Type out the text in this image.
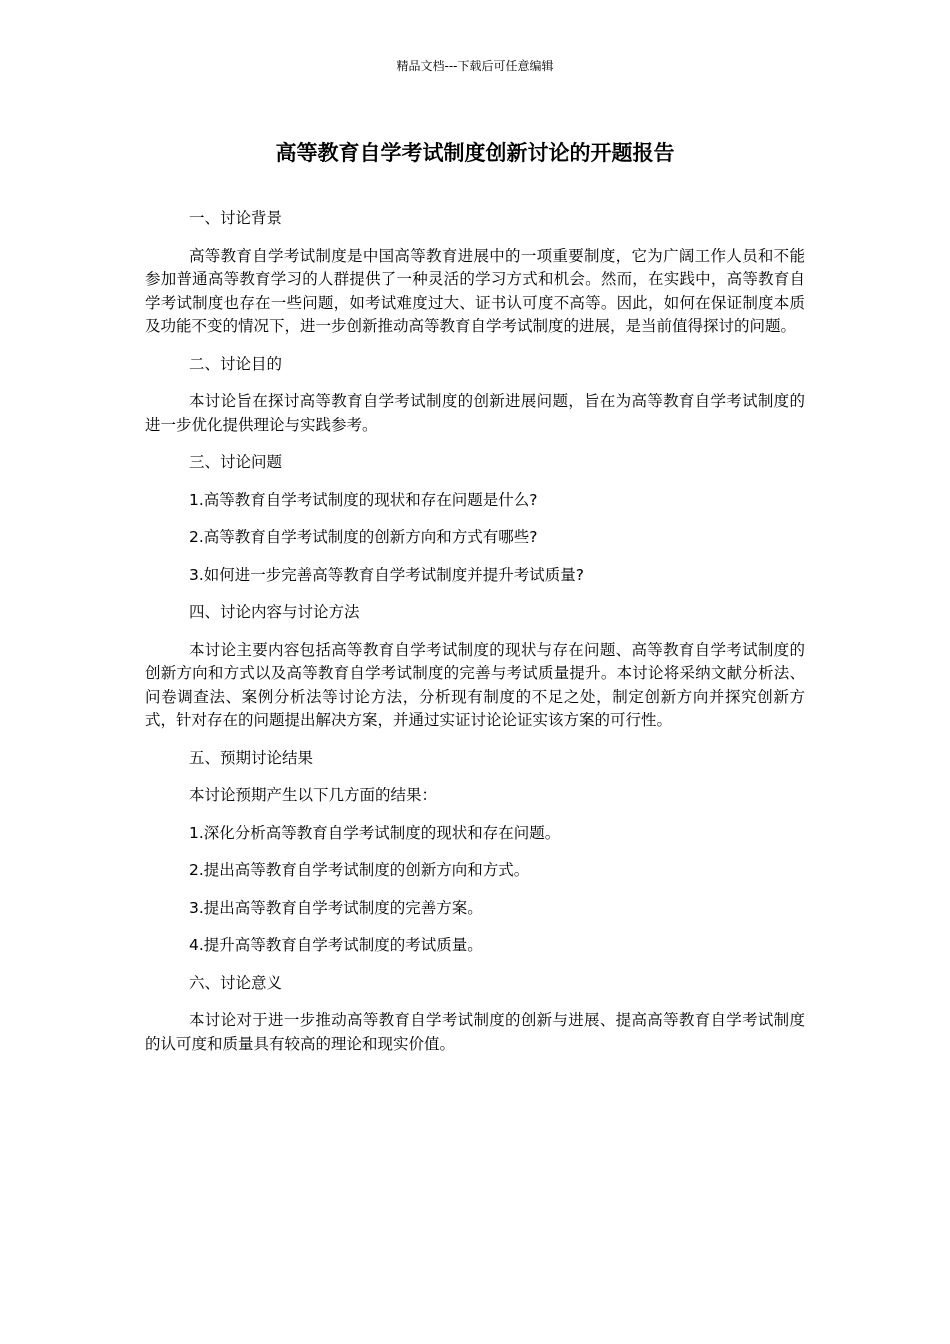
精品文档---下载后可任意编辑
高等教育自学考试制度创新讨论的开题报告

一、讨论背景

高等教育自学考试制度是中国高等教育进展中的一项重要制度，它为广阔工作人员和不能参加普通高等教育学习的人群提供了一种灵活的学习方式和机会。然而，在实践中，高等教育自学考试制度也存在一些问题，如考试难度过大、证书认可度不高等。因此，如何在保证制度本质及功能不变的情况下，进一步创新推动高等教育自学考试制度的进展，是当前值得探讨的问题。

二、讨论目的

本讨论旨在探讨高等教育自学考试制度的创新进展问题，旨在为高等教育自学考试制度的进一步优化提供理论与实践参考。

三、讨论问题

1.高等教育自学考试制度的现状和存在问题是什么?

2.高等教育自学考试制度的创新方向和方式有哪些?

3.如何进一步完善高等教育自学考试制度并提升考试质量?

四、讨论内容与讨论方法

本讨论主要内容包括高等教育自学考试制度的现状与存在问题、高等教育自学考试制度的创新方向和方式以及高等教育自学考试制度的完善与考试质量提升。本讨论将采纳文献分析法、问卷调查法、案例分析法等讨论方法，分析现有制度的不足之处，制定创新方向并探究创新方式，针对存在的问题提出解决方案，并通过实证讨论论证实该方案的可行性。

五、预期讨论结果

本讨论预期产生以下几方面的结果：

1.深化分析高等教育自学考试制度的现状和存在问题。

2.提出高等教育自学考试制度的创新方向和方式。

3.提出高等教育自学考试制度的完善方案。

4.提升高等教育自学考试制度的考试质量。

六、讨论意义

本讨论对于进一步推动高等教育自学考试制度的创新与进展、提高高等教育自学考试制度的认可度和质量具有较高的理论和现实价值。
